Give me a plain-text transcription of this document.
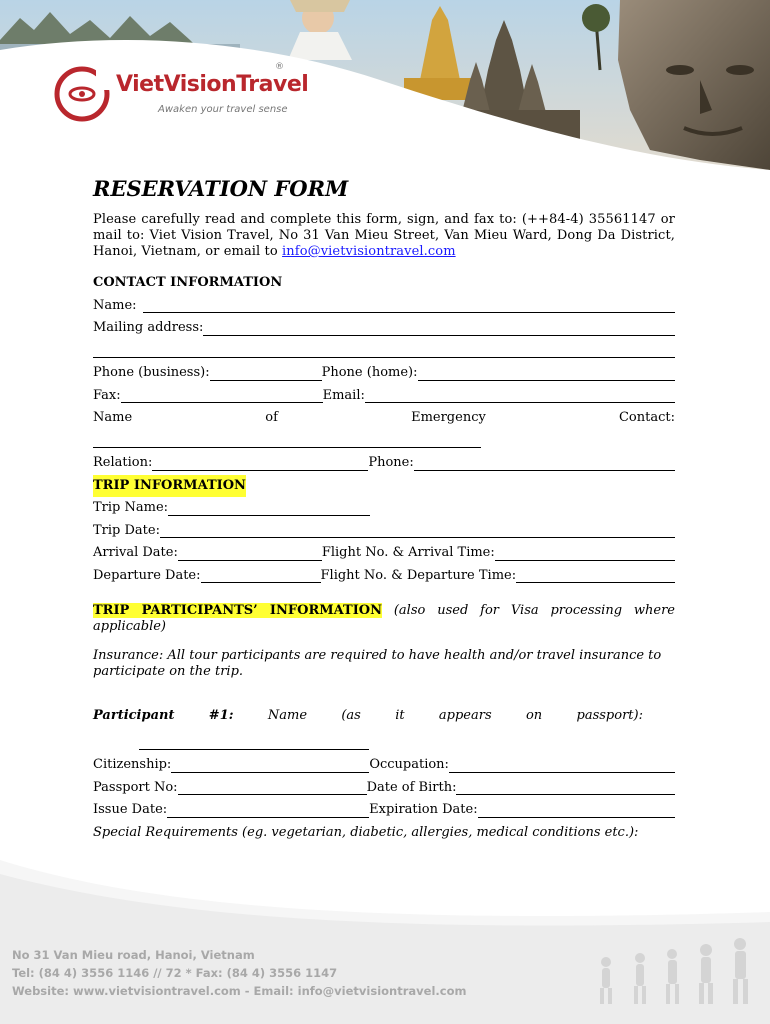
VietVisionTravel
®
Awaken your travel sense
RESERVATION FORM

Please carefully read and complete this form, sign, and fax to: (++84-4) 35561147 or mail to: Viet Vision Travel, No 31 Van Mieu Street, Van Mieu Ward, Dong Da District, Hanoi, Vietnam, or email to info@vietvisiontravel.com

CONTACT INFORMATION
Name:
Mailing address:
Phone (business):	Phone (home):
Fax:	Email:
Name	of	Emergency	Contact:
Relation:	Phone:
TRIP INFORMATION
Trip Name:
Trip Date:
Arrival Date:	Flight No. & Arrival Time:
Departure Date:	Flight No. & Departure Time:

TRIP PARTICIPANTS’ INFORMATION (also used for Visa processing where applicable)

Insurance: All tour participants are required to have health and/or travel insurance to participate on the trip.

Participant	#1:	Name	(as	it	appears	on	passport):
Citizenship:	Occupation:
Passport No:	Date of Birth:
Issue Date:	Expiration Date:
Special Requirements (eg. vegetarian, diabetic, allergies, medical conditions etc.):
No 31 Van Mieu road, Hanoi, Vietnam
Tel: (84 4) 3556 1146 // 72 * Fax: (84 4) 3556 1147
Website: www.vietvisiontravel.com - Email: info@vietvisiontravel.com
